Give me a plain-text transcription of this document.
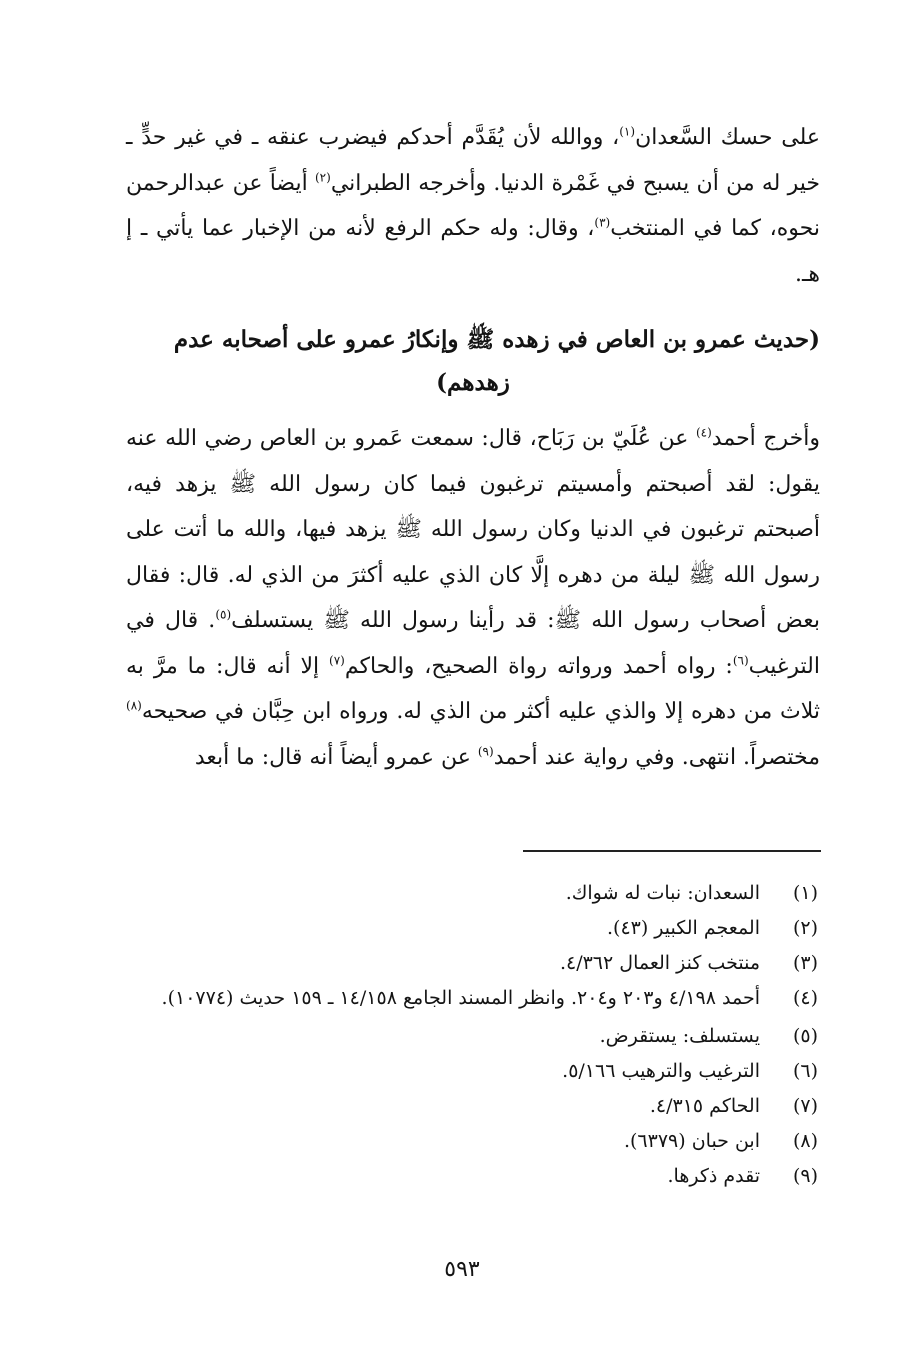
على حسك السَّعدان$^{(١)}$، ووالله لأن يُقَدَّم أحدكم فيضرب عنقه ـ في غير حدٍّ ـ خير له من أن يسبح في غَمْرة الدنيا. وأخرجه الطبراني$^{(٢)}$ أيضاً عن عبدالرحمن نحوه، كما في المنتخب$^{(٣)}$، وقال: وله حكم الرفع لأنه من الإخبار عما يأتي ـ إ هـ.

(حديث عمرو بن العاص في زهده ﷺ وإنكارُ عمرو على أصحابه عدم
زهدهم)

وأخرج أحمد$^{(٤)}$ عن عُلَيّ بن رَبَاح، قال: سمعت عَمرو بن العاص رضي الله عنه يقول: لقد أصبحتم وأمسيتم ترغبون فيما كان رسول الله ﷺ يزهد فيه، أصبحتم ترغبون في الدنيا وكان رسول الله ﷺ يزهد فيها، والله ما أتت على رسول الله ﷺ ليلة من دهره إلَّا كان الذي عليه أكثرَ من الذي له. قال: فقال بعض أصحاب رسول الله ﷺ: قد رأينا رسول الله ﷺ يستسلف$^{(٥)}$. قال في الترغيب$^{(٦)}$: رواه أحمد ورواته رواة الصحيح، والحاكم$^{(٧)}$ إلا أنه قال: ما مرَّ به ثلاث من دهره إلا والذي عليه أكثر من الذي له. ورواه ابن حِبَّان في صحيحه$^{(٨)}$ مختصراً. انتهى. وفي رواية عند أحمد$^{(٩)}$ عن عمرو أيضاً أنه قال: ما أبعد

(١)
السعدان: نبات له شواك.
(٢)
المعجم الكبير (٤٣).
(٣)
منتخب كنز العمال ٤/٣٦٢.
(٤)
أحمد ٤/١٩٨ و٢٠٣ و٢٠٤. وانظر المسند الجامع ١٤/١٥٨ ـ ١٥٩ حديث (١٠٧٧٤).
(٥)
يستسلف: يستقرض.
(٦)
الترغيب والترهيب ٥/١٦٦.
(٧)
الحاكم ٤/٣١٥.
(٨)
ابن حبان (٦٣٧٩).
(٩)
تقدم ذكرها.
٥٩٣
